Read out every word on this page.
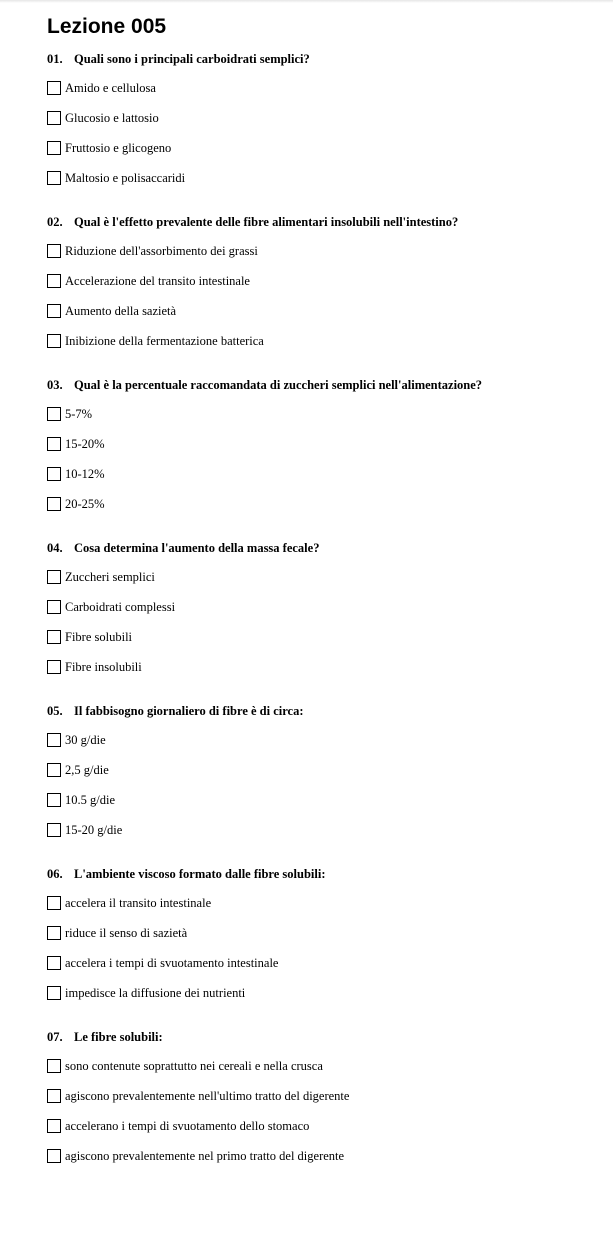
Lezione 005
01. Quali sono i principali carboidrati semplici?
Amido e cellulosa
Glucosio e lattosio
Fruttosio e glicogeno
Maltosio e polisaccaridi
02. Qual è l'effetto prevalente delle fibre alimentari insolubili nell'intestino?
Riduzione dell'assorbimento dei grassi
Accelerazione del transito intestinale
Aumento della sazietà
Inibizione della fermentazione batterica
03. Qual è la percentuale raccomandata di zuccheri semplici nell'alimentazione?
5-7%
15-20%
10-12%
20-25%
04. Cosa determina l'aumento della massa fecale?
Zuccheri semplici
Carboidrati complessi
Fibre solubili
Fibre insolubili
05. Il fabbisogno giornaliero di fibre è di circa:
30 g/die
2,5 g/die
10.5 g/die
15-20 g/die
06. L'ambiente viscoso formato dalle fibre solubili:
accelera il transito intestinale
riduce il senso di sazietà
accelera i tempi di svuotamento intestinale
impedisce la diffusione dei nutrienti
07. Le fibre solubili:
sono contenute soprattutto nei cereali e nella crusca
agiscono prevalentemente nell'ultimo tratto del digerente
accelerano i tempi di svuotamento dello stomaco
agiscono prevalentemente nel primo tratto del digerente
